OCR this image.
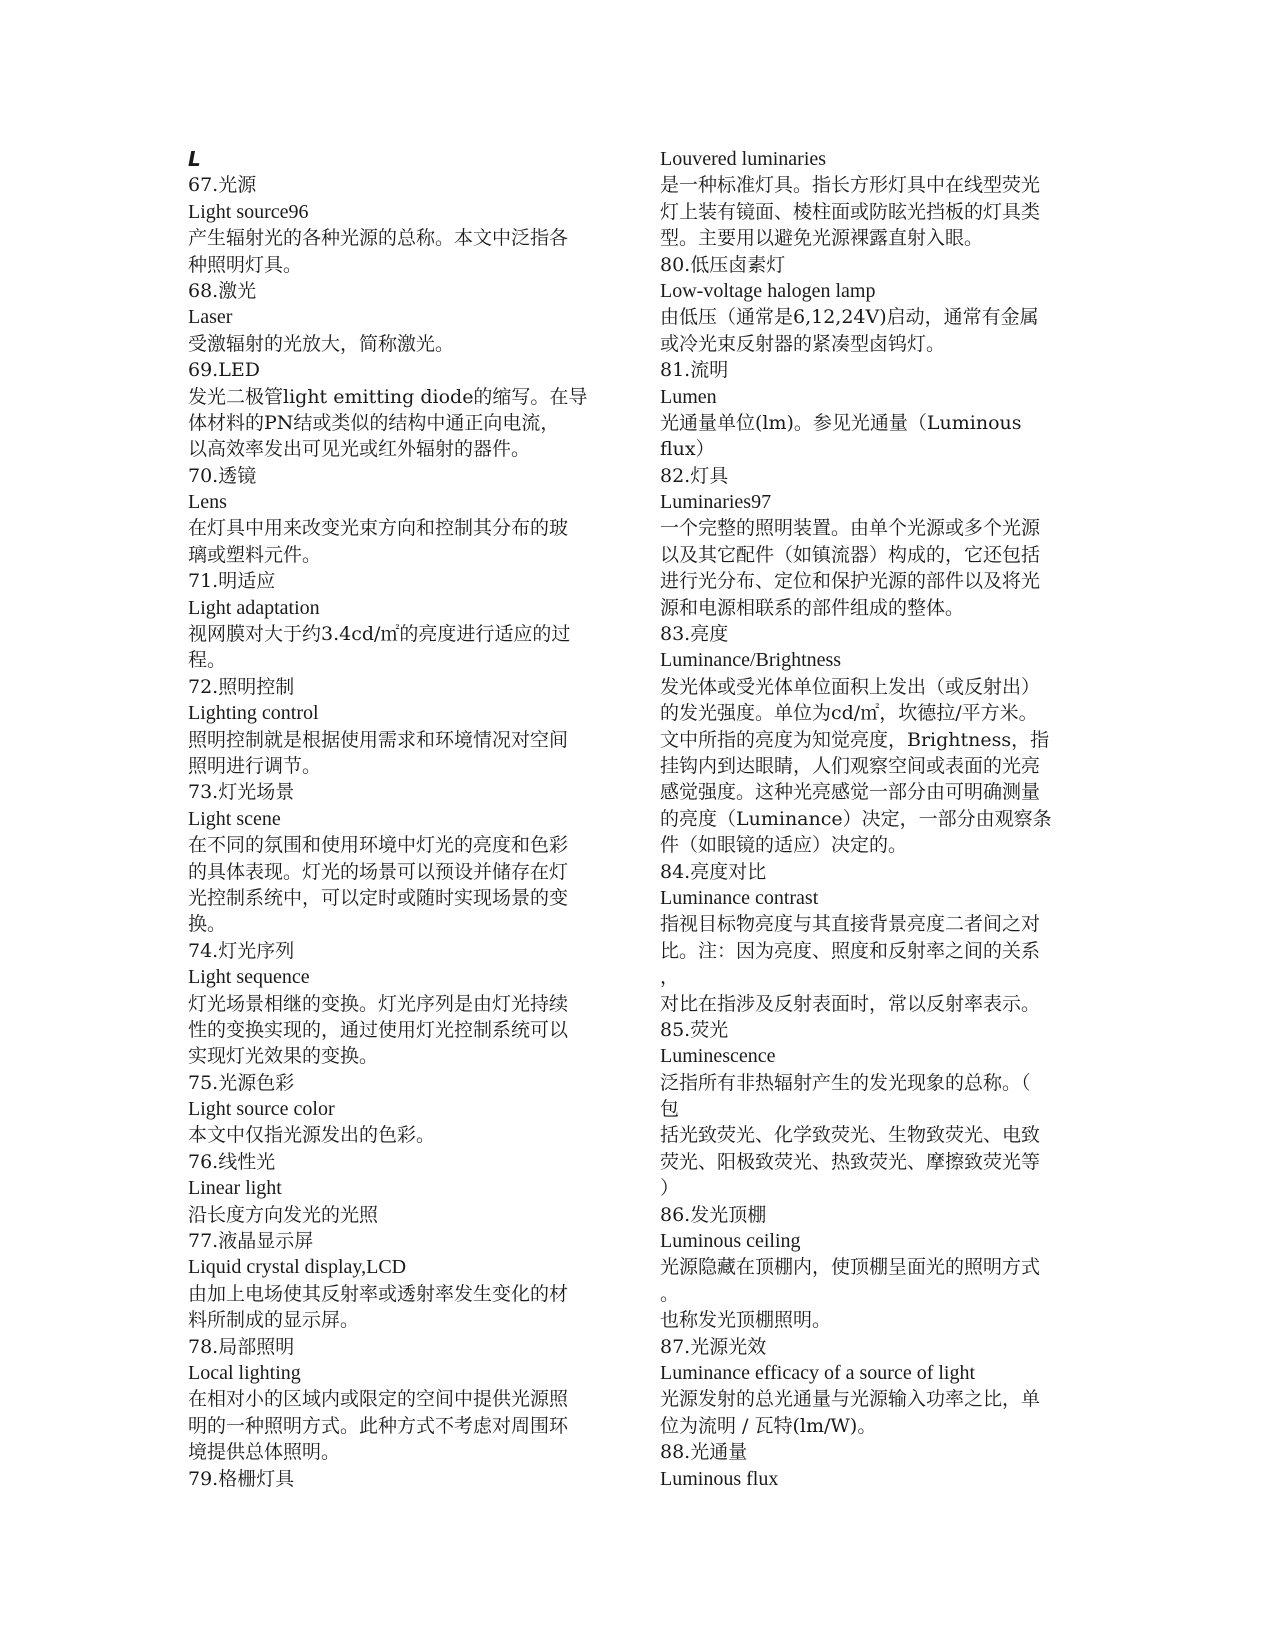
L
67.光源
Light source96
产生辐射光的各种光源的总称。本文中泛指各
种照明灯具。
68.激光
Laser
受激辐射的光放大，简称激光。
69.LED
发光二极管light emitting diode的缩写。在导
体材料的PN结或类似的结构中通正向电流，
以高效率发出可见光或红外辐射的器件。
70.透镜
Lens
在灯具中用来改变光束方向和控制其分布的玻
璃或塑料元件。
71.明适应
Light adaptation
视网膜对大于约3.4cd/㎡的亮度进行适应的过
程。
72.照明控制
Lighting control
照明控制就是根据使用需求和环境情况对空间
照明进行调节。
73.灯光场景
Light scene
在不同的氛围和使用环境中灯光的亮度和色彩
的具体表现。灯光的场景可以预设并储存在灯
光控制系统中，可以定时或随时实现场景的变
换。
74.灯光序列
Light sequence
灯光场景相继的变换。灯光序列是由灯光持续
性的变换实现的，通过使用灯光控制系统可以
实现灯光效果的变换。
75.光源色彩
Light source color
本文中仅指光源发出的色彩。
76.线性光
Linear light
沿长度方向发光的光照
77.液晶显示屏
Liquid crystal display,LCD
由加上电场使其反射率或透射率发生变化的材
料所制成的显示屏。
78.局部照明
Local lighting
在相对小的区域内或限定的空间中提供光源照
明的一种照明方式。此种方式不考虑对周围环
境提供总体照明。
79.格栅灯具
Louvered luminaries
是一种标准灯具。指长方形灯具中在线型荧光
灯上装有镜面、棱柱面或防眩光挡板的灯具类
型。主要用以避免光源裸露直射入眼。
80.低压卤素灯
Low-voltage halogen lamp
由低压（通常是6,12,24V)启动，通常有金属
或冷光束反射器的紧凑型卤钨灯。
81.流明
Lumen
光通量单位(lm)。参见光通量（Luminous
flux）
82.灯具
Luminaries97
一个完整的照明装置。由单个光源或多个光源
以及其它配件（如镇流器）构成的，它还包括
进行光分布、定位和保护光源的部件以及将光
源和电源相联系的部件组成的整体。
83.亮度
Luminance/Brightness
发光体或受光体单位面积上发出（或反射出）
的发光强度。单位为cd/㎡，坎德拉/平方米。
文中所指的亮度为知觉亮度，Brightness，指
挂钩内到达眼睛，人们观察空间或表面的光亮
感觉强度。这种光亮感觉一部分由可明确测量
的亮度（Luminance）决定，一部分由观察条
件（如眼镜的适应）决定的。
84.亮度对比
Luminance contrast
指视目标物亮度与其直接背景亮度二者间之对
比。注：因为亮度、照度和反射率之间的关系
，
对比在指涉及反射表面时，常以反射率表示。
85.荧光
Luminescence
泛指所有非热辐射产生的发光现象的总称。（
包
括光致荧光、化学致荧光、生物致荧光、电致
荧光、阳极致荧光、热致荧光、摩擦致荧光等
）
86.发光顶棚
Luminous ceiling
光源隐藏在顶棚内，使顶棚呈面光的照明方式
。
也称发光顶棚照明。
87.光源光效
Luminance efficacy of a source of light
光源发射的总光通量与光源输入功率之比，单
位为流明 / 瓦特(lm/W)。
88.光通量
Luminous flux
